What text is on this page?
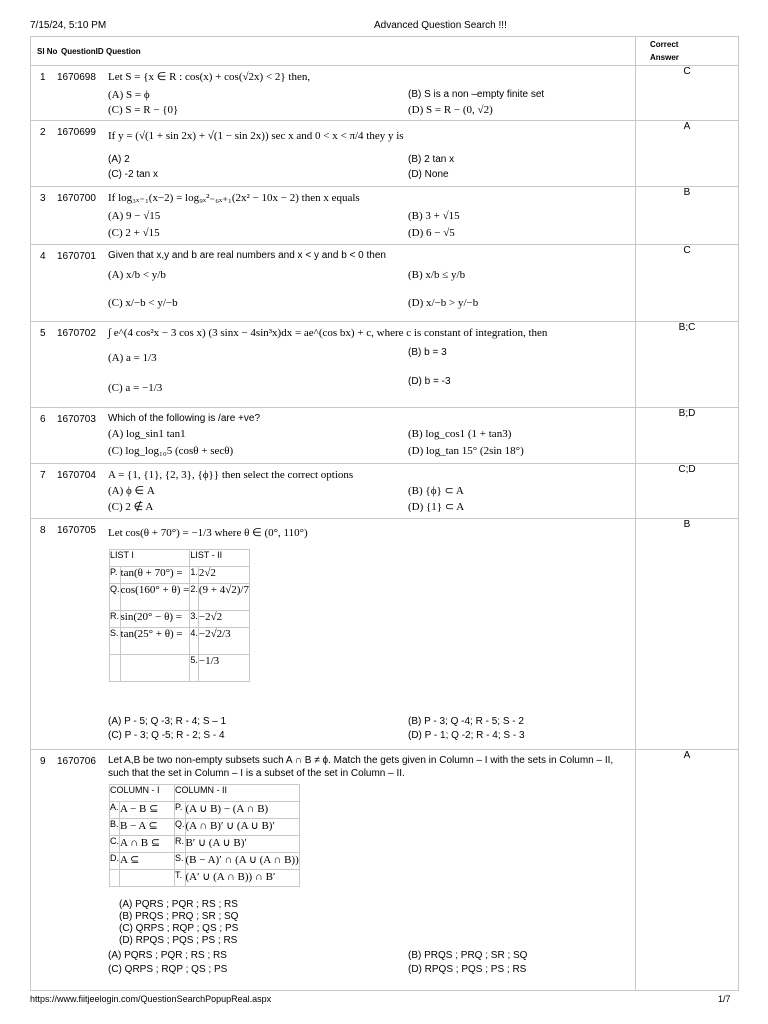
7/15/24, 5:10 PM	Advanced Question Search !!!
Sl No QuestionID Question
	Correct
Answer

1 1670698 Let S = {x ∈ R : cos(x) + cos(√2x) < 2} then,
(A) S = ϕ	(B) S is a non –empty finite set
(C) S = R − {0}	(D) S = R − (0, √2)

C

2 1670699 If y = (√(1 + sin 2x) + √(1 − sin 2x)) sec x and 0 < x < π/4 they y is
(A) 2	(B) 2 tan x
(C) -2 tan x	(D) None

A

3 1670700 If log₃ₓ₋₁(x−2) = log₉ₓ²₋₆ₓ₊₁(2x² − 10x − 2) then x equals
(A) 9 − √15	(B) 3 + √15
(C) 2 + √15	(D) 6 − √5

B

4 1670701 Given that x,y and b are real numbers and x < y and b < 0 then
(A) x/b < y/b	(B) x/b ≤ y/b
(C) x/−b < y/−b	(D) x/−b > y/−b

C

5 1670702 ∫ e^(4 cos²x − 3 cos x) (3 sinx − 4sin³x)dx = ae^(cos bx) + c, where c is constant of integration, then
(A) a = 1/3	(B) b = 3
(C) a = −1/3
(D) b = -3

B;C

6 1670703 Which of the following is /are +ve?
(A) log_sin1 tan1	(B) log_cos1 (1 + tan3)
(C) log_log₁₀5 (cosθ + secθ)	(D) log_tan 15° (2sin 18°)

B;D

7 1670704 A = {1, {1}, {2, 3}, {ϕ}} then select the correct options
(A) ϕ ∈ A	(B) {ϕ} ⊂ A
(C) 2 ∉ A	(D) {1} ⊂ A

C;D

8 1670705 Let cos(θ + 70°) = −1/3 where θ ∈ (0°, 110°)
LIST I	LIST - II
P.	tan(θ + 70°) =	1.	2√2
Q.	cos(160° + θ) =	2.	(9 + 4√2)/7
R.	sin(20° − θ) =	3.	−2√2
S.	tan(25° + θ) =	4.	−2√2/3
		5.	−1/3
(A) P - 5; Q -3; R - 4; S – 1	(B) P - 3; Q -4; R - 5; S - 2
(C) P - 3; Q -5; R - 2; S - 4	(D) P - 1; Q -2; R - 4; S - 3

B

9 1670706 Let A,B be two non-empty subsets such A ∩ B ≠ ϕ. Match the gets given in Column – I with the sets in Column – II,
such that the set in Column – I is a subset of the set in Column – II.
COLUMN - I	COLUMN - II
A.	A − B ⊆	P.	(A ∪ B) − (A ∩ B)
B.	B − A ⊆	Q.	(A ∩ B)′ ∪ (A ∪ B)′
C.	A ∩ B ⊆	R.	B′ ∪ (A ∪ B)′
D.	A ⊆	S.	(B − A)′ ∩ (A ∪ (A ∩ B))
		T.	(A′ ∪ (A ∩ B)) ∩ B′
(A) PQRS ; PQR ; RS ; RS
(B) PRQS ; PRQ ; SR ; SQ
(C) QRPS ; RQP ; QS ; PS
(D) RPQS ; PQS ; PS ; RS
(A) PQRS ; PQR ; RS ; RS	(B) PRQS ; PRQ ; SR ; SQ
(C) QRPS ; RQP ; QS ; PS	(D) RPQS ; PQS ; PS ; RS

A
https://www.fiitjeelogin.com/QuestionSearchPopupReal.aspx	1/7
